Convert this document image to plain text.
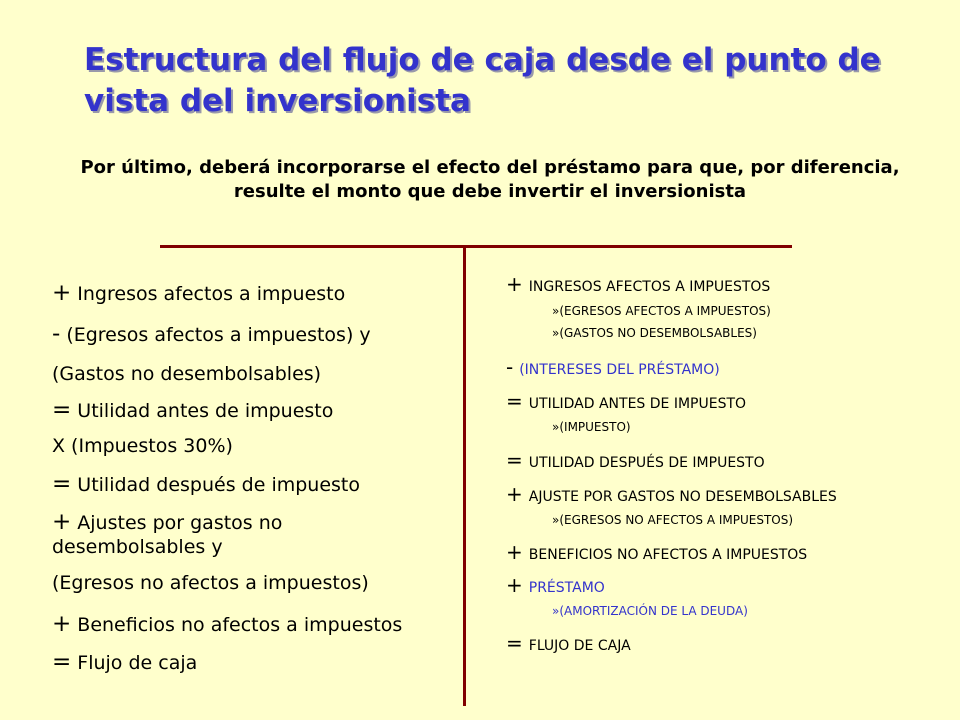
Estructura del flujo de caja desde el punto de vista del inversionista
Por último, deberá incorporarse el efecto del préstamo para que, por diferencia, resulte el monto que debe invertir el inversionista
+ Ingresos afectos a impuesto
- (Egresos afectos a impuestos) y
(Gastos no desembolsables)
= Utilidad antes de impuesto
X (Impuestos 30%)
= Utilidad después de impuesto
+ Ajustes por gastos no desembolsables y
(Egresos no afectos a impuestos)
+ Beneficios no afectos a impuestos
= Flujo de caja
+ INGRESOS AFECTOS A IMPUESTOS
»(EGRESOS AFECTOS A IMPUESTOS)
»(GASTOS NO DESEMBOLSABLES)
- (INTERESES DEL PRÉSTAMO)
= UTILIDAD ANTES DE IMPUESTO
»(IMPUESTO)
= UTILIDAD DESPUÉS DE IMPUESTO
+ AJUSTE POR GASTOS NO DESEMBOLSABLES
»(EGRESOS NO AFECTOS A IMPUESTOS)
+ BENEFICIOS NO AFECTOS A IMPUESTOS
+ PRÉSTAMO
»(AMORTIZACIÓN DE LA DEUDA)
= FLUJO DE CAJA
